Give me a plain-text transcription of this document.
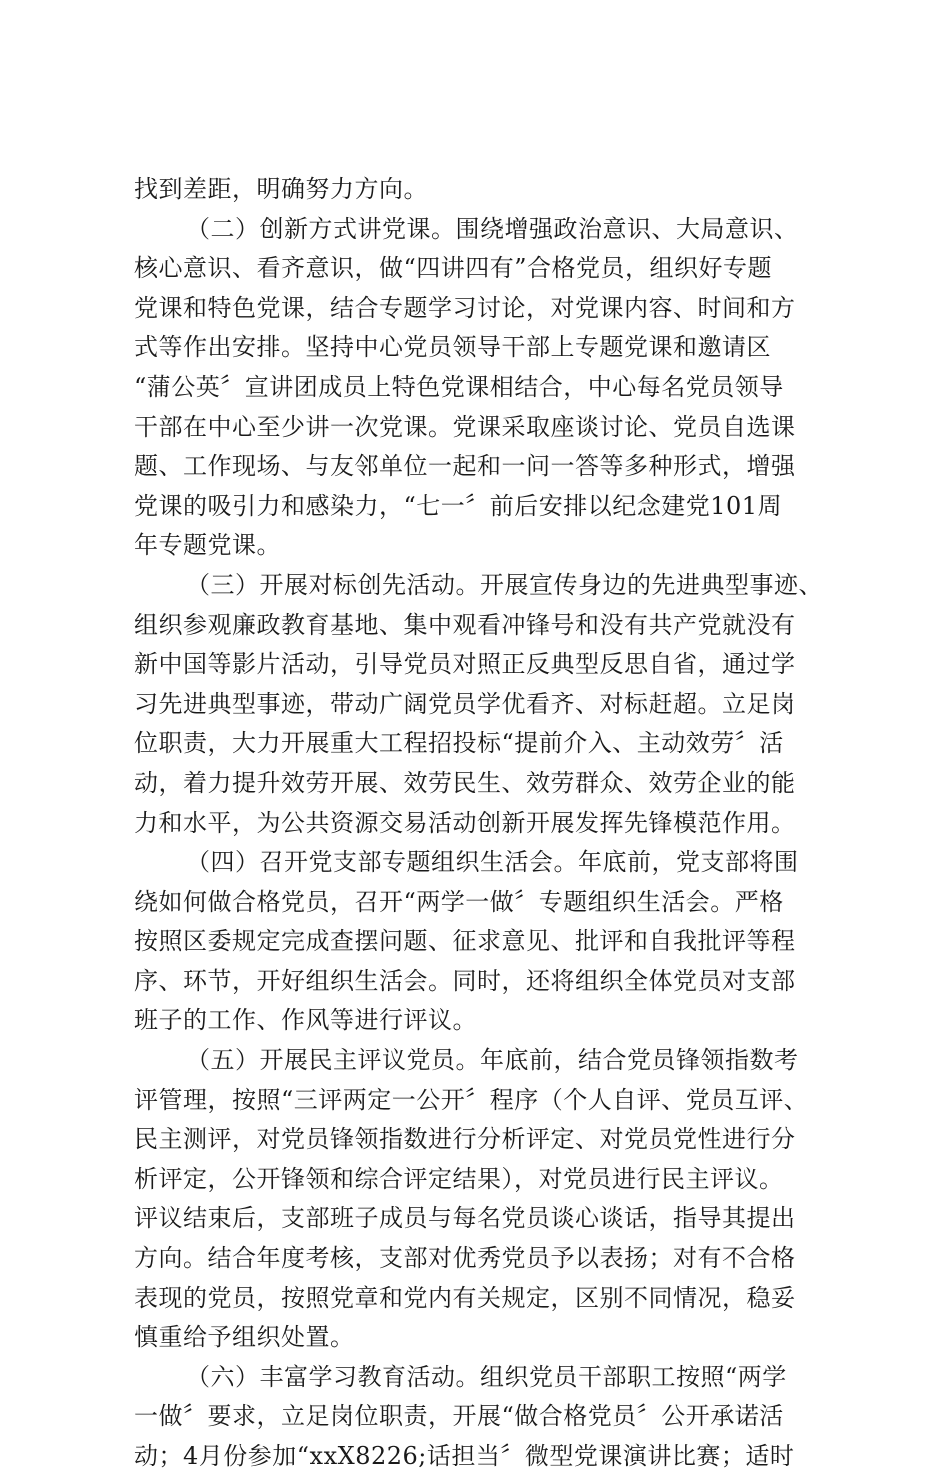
找到差距，明确努力方向。
（二）创新方式讲党课。围绕增强政治意识、大局意识、
核心意识、看齐意识，做“四讲四有”合格党员，组织好专题
党课和特色党课，结合专题学习讨论，对党课内容、时间和方
式等作出安排。坚持中心党员领导干部上专题党课和邀请区
“蒲公英〞宣讲团成员上特色党课相结合，中心每名党员领导
干部在中心至少讲一次党课。党课采取座谈讨论、党员自选课
题、工作现场、与友邻单位一起和一问一答等多种形式，增强
党课的吸引力和感染力，“七一〞前后安排以纪念建党101周
年专题党课。
（三）开展对标创先活动。开展宣传身边的先进典型事迹、
组织参观廉政教育基地、集中观看冲锋号和没有共产党就没有
新中国等影片活动，引导党员对照正反典型反思自省，通过学
习先进典型事迹，带动广阔党员学优看齐、对标赶超。立足岗
位职责，大力开展重大工程招投标“提前介入、主动效劳〞活
动，着力提升效劳开展、效劳民生、效劳群众、效劳企业的能
力和水平，为公共资源交易活动创新开展发挥先锋模范作用。
（四）召开党支部专题组织生活会。年底前，党支部将围
绕如何做合格党员，召开“两学一做〞专题组织生活会。严格
按照区委规定完成查摆问题、征求意见、批评和自我批评等程
序、环节，开好组织生活会。同时，还将组织全体党员对支部
班子的工作、作风等进行评议。
（五）开展民主评议党员。年底前，结合党员锋领指数考
评管理，按照“三评两定一公开〞程序（个人自评、党员互评、
民主测评，对党员锋领指数进行分析评定、对党员党性进行分
析评定，公开锋领和综合评定结果），对党员进行民主评议。
评议结束后，支部班子成员与每名党员谈心谈话，指导其提出
方向。结合年度考核，支部对优秀党员予以表扬；对有不合格
表现的党员，按照党章和党内有关规定，区别不同情况，稳妥
慎重给予组织处置。
（六）丰富学习教育活动。组织党员干部职工按照“两学
一做〞要求，立足岗位职责，开展“做合格党员〞公开承诺活
动；4月份参加“xxX8226;话担当〞微型党课演讲比赛；适时
